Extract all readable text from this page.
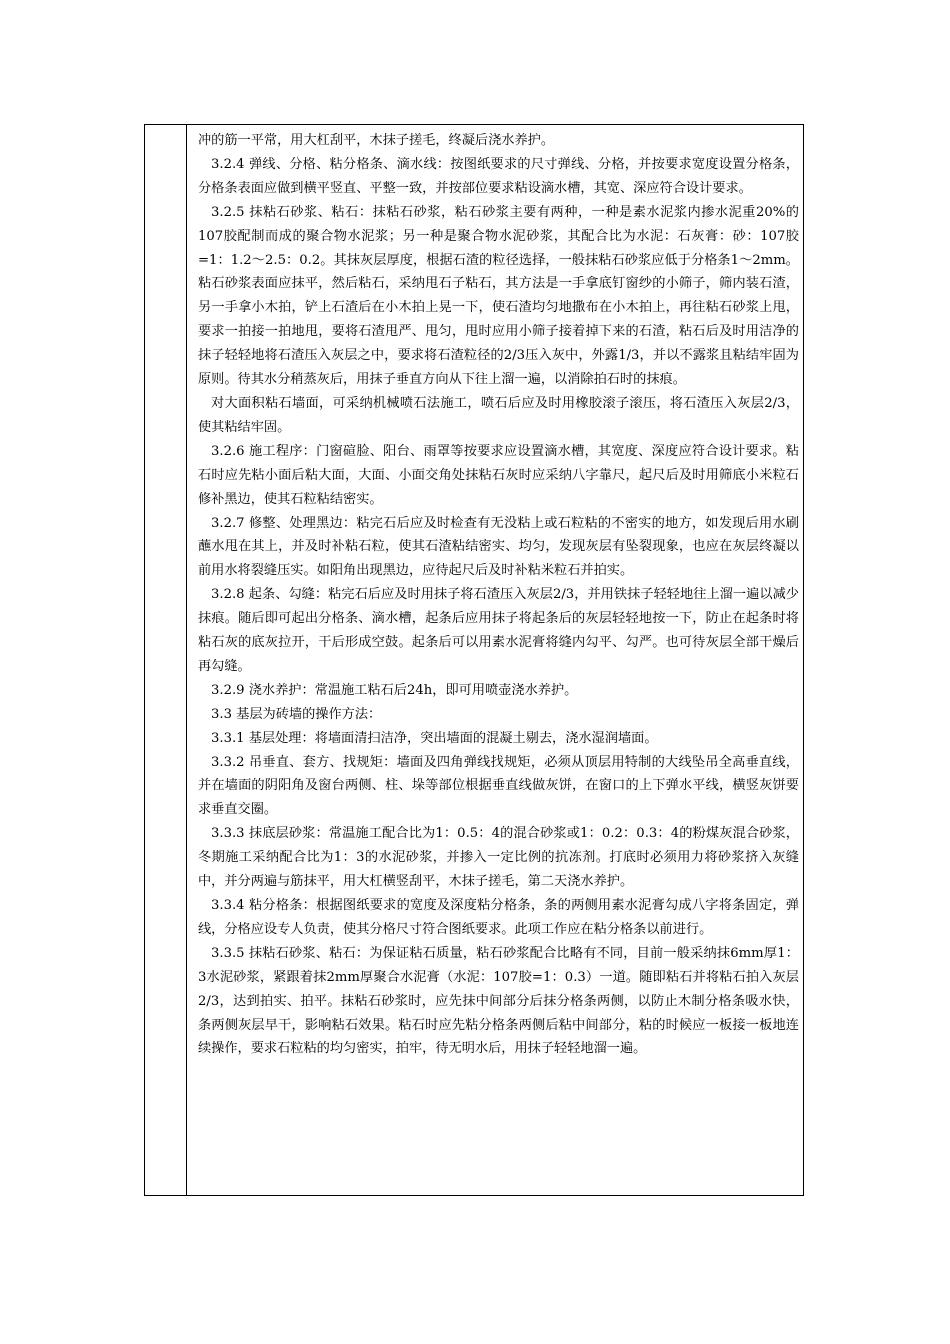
冲的筋一平常，用大杠刮平，木抹子搓毛，终凝后浇水养护。

3.2.4 弹线、分格、粘分格条、滴水线：按图纸要求的尺寸弹线、分格，并按要求宽度设置分格条，分格条表面应做到横平竖直、平整一致，并按部位要求粘设滴水槽，其宽、深应符合设计要求。

3.2.5 抹粘石砂浆、粘石：抹粘石砂浆，粘石砂浆主要有两种，一种是素水泥浆内掺水泥重20%的107胶配制而成的聚合物水泥浆；另一种是聚合物水泥砂浆，其配合比为水泥：石灰膏：砂：107胶=1：1.2～2.5：0.2。其抹灰层厚度，根据石渣的粒径选择，一般抹粘石砂浆应低于分格条1～2mm。粘石砂浆表面应抹平，然后粘石，采纳甩石子粘石，其方法是一手拿底钉窗纱的小筛子，筛内装石渣，另一手拿小木拍，铲上石渣后在小木拍上晃一下，使石渣均匀地撒布在小木拍上，再往粘石砂浆上甩，要求一拍接一拍地甩，要将石渣甩严、甩匀，甩时应用小筛子接着掉下来的石渣，粘石后及时用洁净的抹子轻轻地将石渣压入灰层之中，要求将石渣粒径的2/3压入灰中，外露1/3，并以不露浆且粘结牢固为原则。待其水分稍蒸灰后，用抹子垂直方向从下往上溜一遍，以消除拍石时的抹痕。

对大面积粘石墙面，可采纳机械喷石法施工，喷石后应及时用橡胶滚子滚压，将石渣压入灰层2/3，使其粘结牢固。

3.2.6 施工程序：门窗碹脸、阳台、雨罩等按要求应设置滴水槽，其宽度、深度应符合设计要求。粘石时应先粘小面后粘大面，大面、小面交角处抹粘石灰时应采纳八字靠尺，起尺后及时用筛底小米粒石修补黑边，使其石粒粘结密实。

3.2.7 修整、处理黑边：粘完石后应及时检查有无没粘上或石粒粘的不密实的地方，如发现后用水刷蘸水甩在其上，并及时补粘石粒，使其石渣粘结密实、均匀，发现灰层有坠裂现象，也应在灰层终凝以前用水将裂缝压实。如阳角出现黑边，应待起尺后及时补粘米粒石并拍实。

3.2.8 起条、勾缝：粘完石后应及时用抹子将石渣压入灰层2/3，并用铁抹子轻轻地往上溜一遍以减少抹痕。随后即可起出分格条、滴水槽，起条后应用抹子将起条后的灰层轻轻地按一下，防止在起条时将粘石灰的底灰拉开，干后形成空鼓。起条后可以用素水泥膏将缝内勾平、勾严。也可待灰层全部干燥后再勾缝。

3.2.9 浇水养护：常温施工粘石后24h，即可用喷壶浇水养护。

3.3 基层为砖墙的操作方法：

3.3.1 基层处理：将墙面清扫洁净，突出墙面的混凝土剔去，浇水湿润墙面。

3.3.2 吊垂直、套方、找规矩：墙面及四角弹线找规矩，必须从顶层用特制的大线坠吊全高垂直线，并在墙面的阴阳角及窗台两侧、柱、垛等部位根据垂直线做灰饼，在窗口的上下弹水平线，横竖灰饼要求垂直交圈。

3.3.3 抹底层砂浆：常温施工配合比为1：0.5：4的混合砂浆或1：0.2：0.3：4的粉煤灰混合砂浆，冬期施工采纳配合比为1：3的水泥砂浆，并掺入一定比例的抗冻剂。打底时必须用力将砂浆挤入灰缝中，并分两遍与筋抹平，用大杠横竖刮平，木抹子搓毛，第二天浇水养护。

3.3.4 粘分格条：根据图纸要求的宽度及深度粘分格条，条的两侧用素水泥膏勾成八字将条固定，弹线，分格应设专人负责，使其分格尺寸符合图纸要求。此项工作应在粘分格条以前进行。

3.3.5 抹粘石砂浆、粘石：为保证粘石质量，粘石砂浆配合比略有不同，目前一般采纳抹6mm厚1：3水泥砂浆，紧跟着抹2mm厚聚合水泥膏（水泥：107胶=1：0.3）一道。随即粘石并将粘石拍入灰层2/3，达到拍实、拍平。抹粘石砂浆时，应先抹中间部分后抹分格条两侧，以防止木制分格条吸水快，条两侧灰层早干，影响粘石效果。粘石时应先粘分格条两侧后粘中间部分，粘的时候应一板接一板地连续操作，要求石粒粘的均匀密实，拍牢，待无明水后，用抹子轻轻地溜一遍。
